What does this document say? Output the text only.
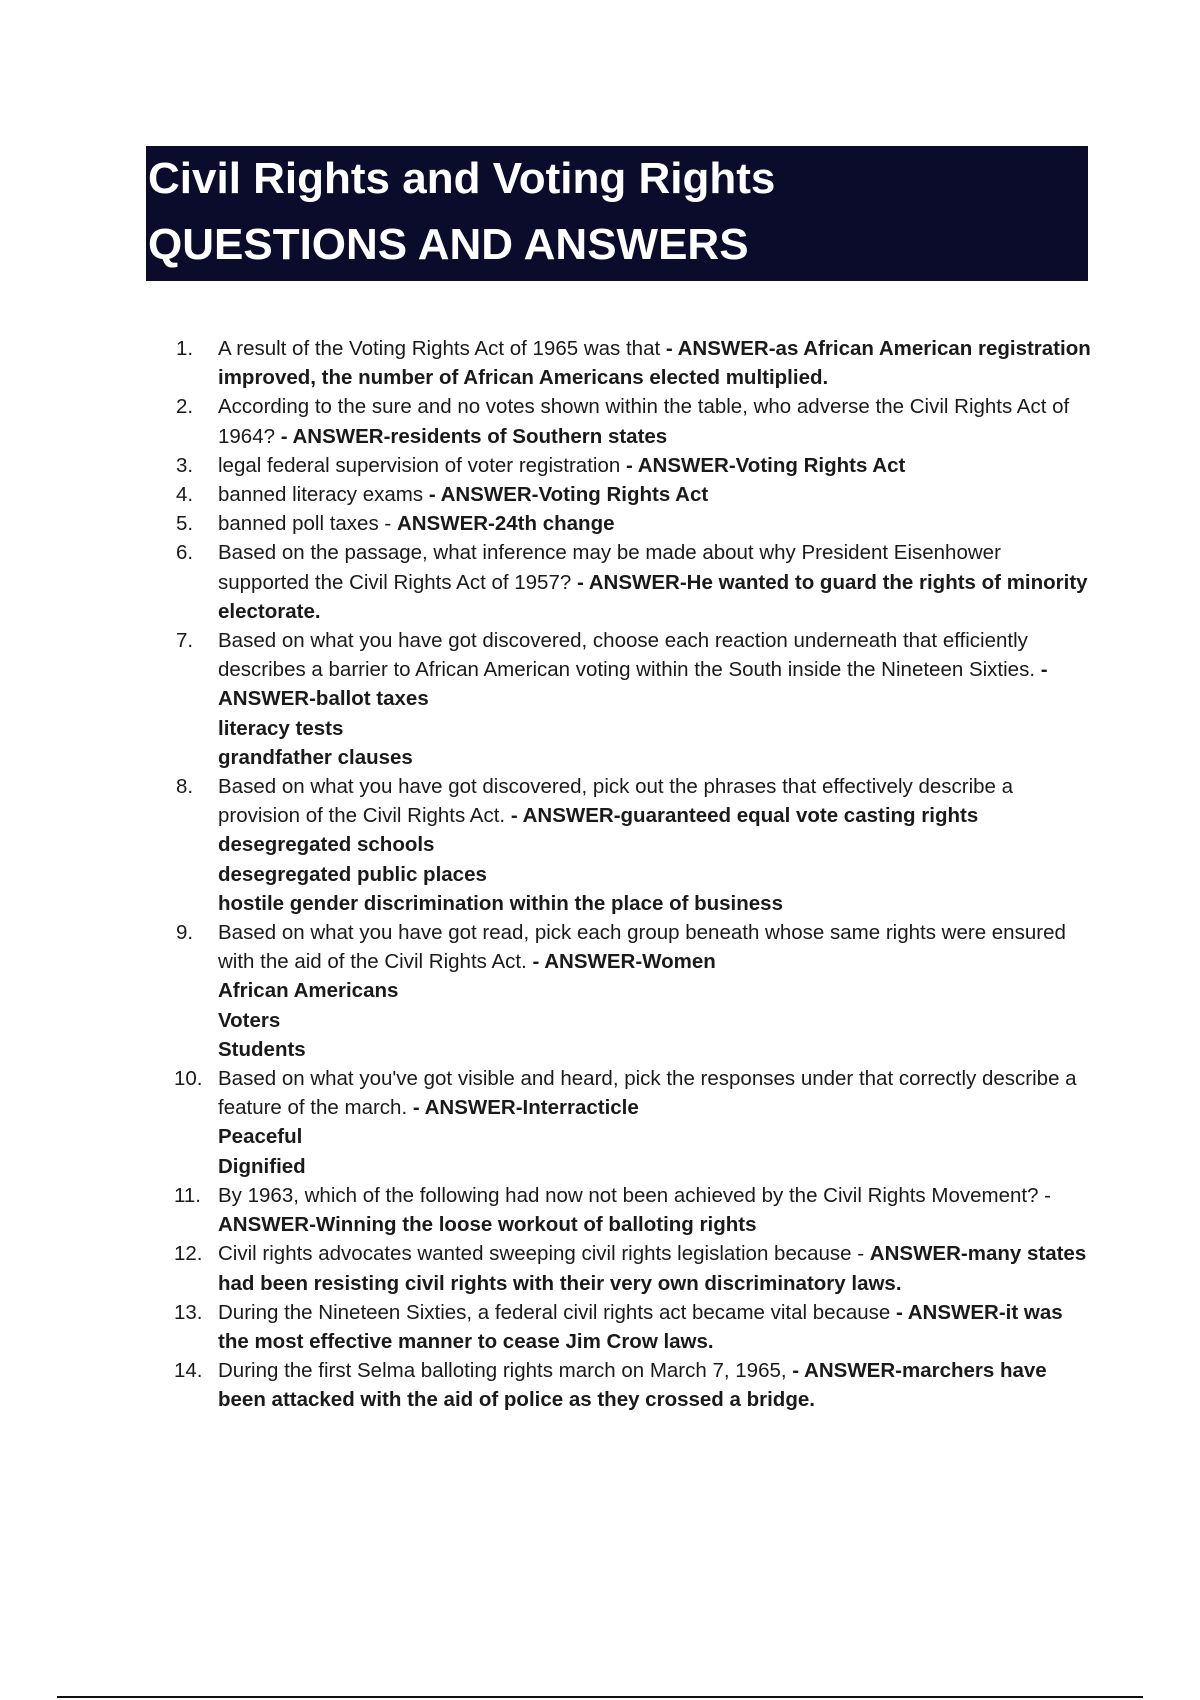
Civil Rights and Voting Rights
QUESTIONS AND ANSWERS
1.	A result of the Voting Rights Act of 1965 was that - ANSWER-as African American registration improved, the number of African Americans elected multiplied.
2.	According to the sure and no votes shown within the table, who adverse the Civil Rights Act of 1964? - ANSWER-residents of Southern states
3.	legal federal supervision of voter registration - ANSWER-Voting Rights Act
4.	banned literacy exams - ANSWER-Voting Rights Act
5.	banned poll taxes - ANSWER-24th change
6.	Based on the passage, what inference may be made about why President Eisenhower supported the Civil Rights Act of 1957? - ANSWER-He wanted to guard the rights of minority electorate.
7.	Based on what you have got discovered, choose each reaction underneath that efficiently describes a barrier to African American voting within the South inside the Nineteen Sixties. - ANSWER-ballot taxes
literacy tests
grandfather clauses
8.	Based on what you have got discovered, pick out the phrases that effectively describe a provision of the Civil Rights Act. - ANSWER-guaranteed equal vote casting rights
desegregated schools
desegregated public places
hostile gender discrimination within the place of business
9.	Based on what you have got read, pick each group beneath whose same rights were ensured with the aid of the Civil Rights Act. - ANSWER-Women
African Americans
Voters
Students
10. Based on what you've got visible and heard, pick the responses under that correctly describe a feature of the march. - ANSWER-Interracticle
Peaceful
Dignified
11. By 1963, which of the following had now not been achieved by the Civil Rights Movement? - ANSWER-Winning the loose workout of balloting rights
12. Civil rights advocates wanted sweeping civil rights legislation because - ANSWER-many states had been resisting civil rights with their very own discriminatory laws.
13. During the Nineteen Sixties, a federal civil rights act became vital because - ANSWER-it was the most effective manner to cease Jim Crow laws.
14. During the first Selma balloting rights march on March 7, 1965, - ANSWER-marchers have been attacked with the aid of police as they crossed a bridge.
